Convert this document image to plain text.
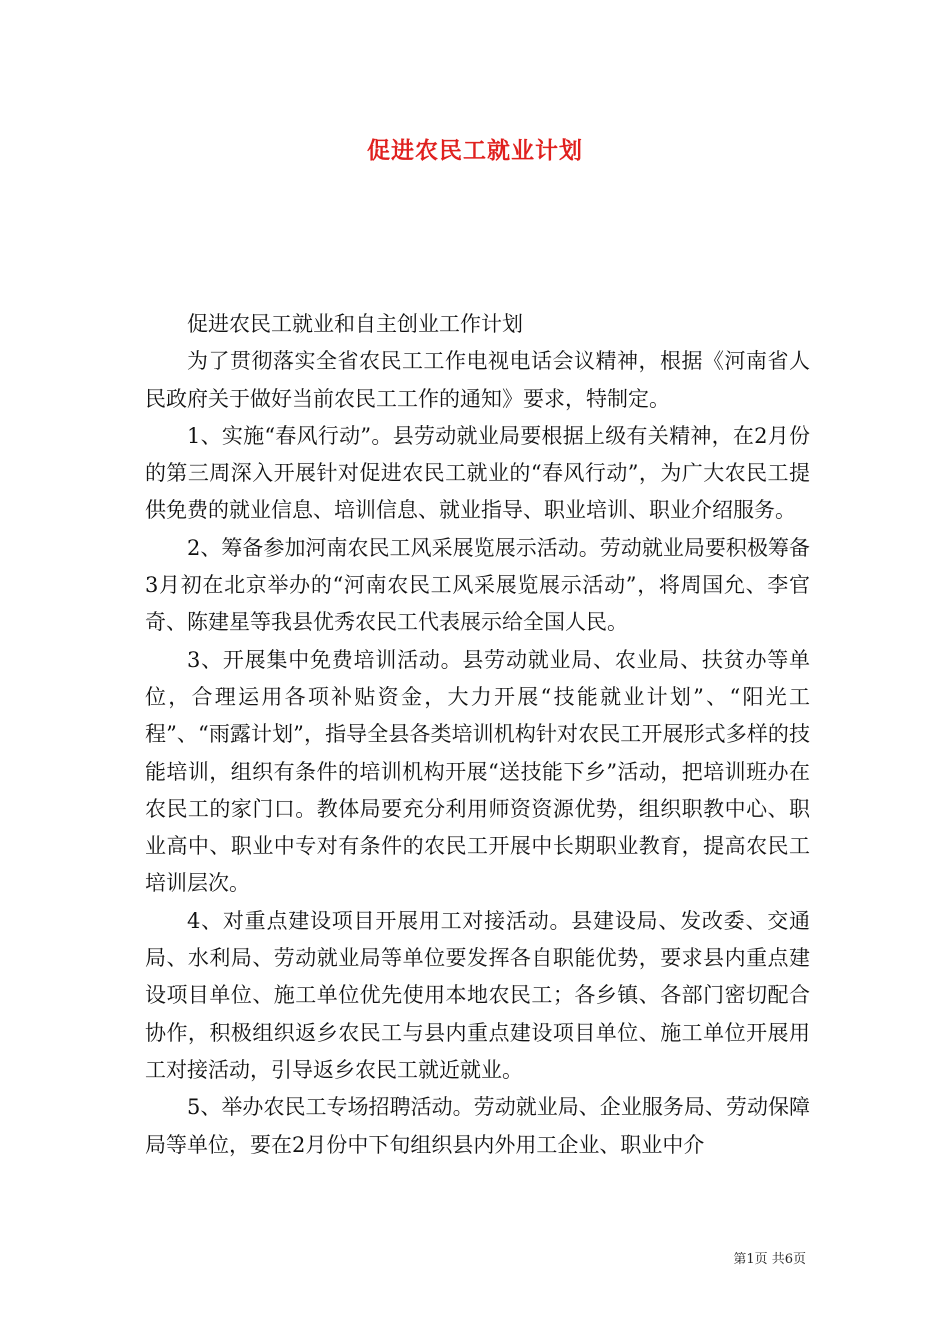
促进农民工就业计划

促进农民工就业和自主创业工作计划

为了贯彻落实全省农民工工作电视电话会议精神，根据《河南省人民政府关于做好当前农民工工作的通知》要求，特制定。

1、实施“春风行动”。县劳动就业局要根据上级有关精神，在2月份的第三周深入开展针对促进农民工就业的“春风行动”，为广大农民工提供免费的就业信息、培训信息、就业指导、职业培训、职业介绍服务。

2、筹备参加河南农民工风采展览展示活动。劳动就业局要积极筹备3月初在北京举办的“河南农民工风采展览展示活动”，将周国允、李官奇、陈建星等我县优秀农民工代表展示给全国人民。

3、开展集中免费培训活动。县劳动就业局、农业局、扶贫办等单位，合理运用各项补贴资金，大力开展“技能就业计划”、“阳光工程”、“雨露计划”，指导全县各类培训机构针对农民工开展形式多样的技能培训，组织有条件的培训机构开展“送技能下乡”活动，把培训班办在农民工的家门口。教体局要充分利用师资资源优势，组织职教中心、职业高中、职业中专对有条件的农民工开展中长期职业教育，提高农民工培训层次。

4、对重点建设项目开展用工对接活动。县建设局、发改委、交通局、水利局、劳动就业局等单位要发挥各自职能优势，要求县内重点建设项目单位、施工单位优先使用本地农民工；各乡镇、各部门密切配合协作，积极组织返乡农民工与县内重点建设项目单位、施工单位开展用工对接活动，引导返乡农民工就近就业。

5、举办农民工专场招聘活动。劳动就业局、企业服务局、劳动保障局等单位，要在2月份中下旬组织县内外用工企业、职业中介

第1页 共6页
